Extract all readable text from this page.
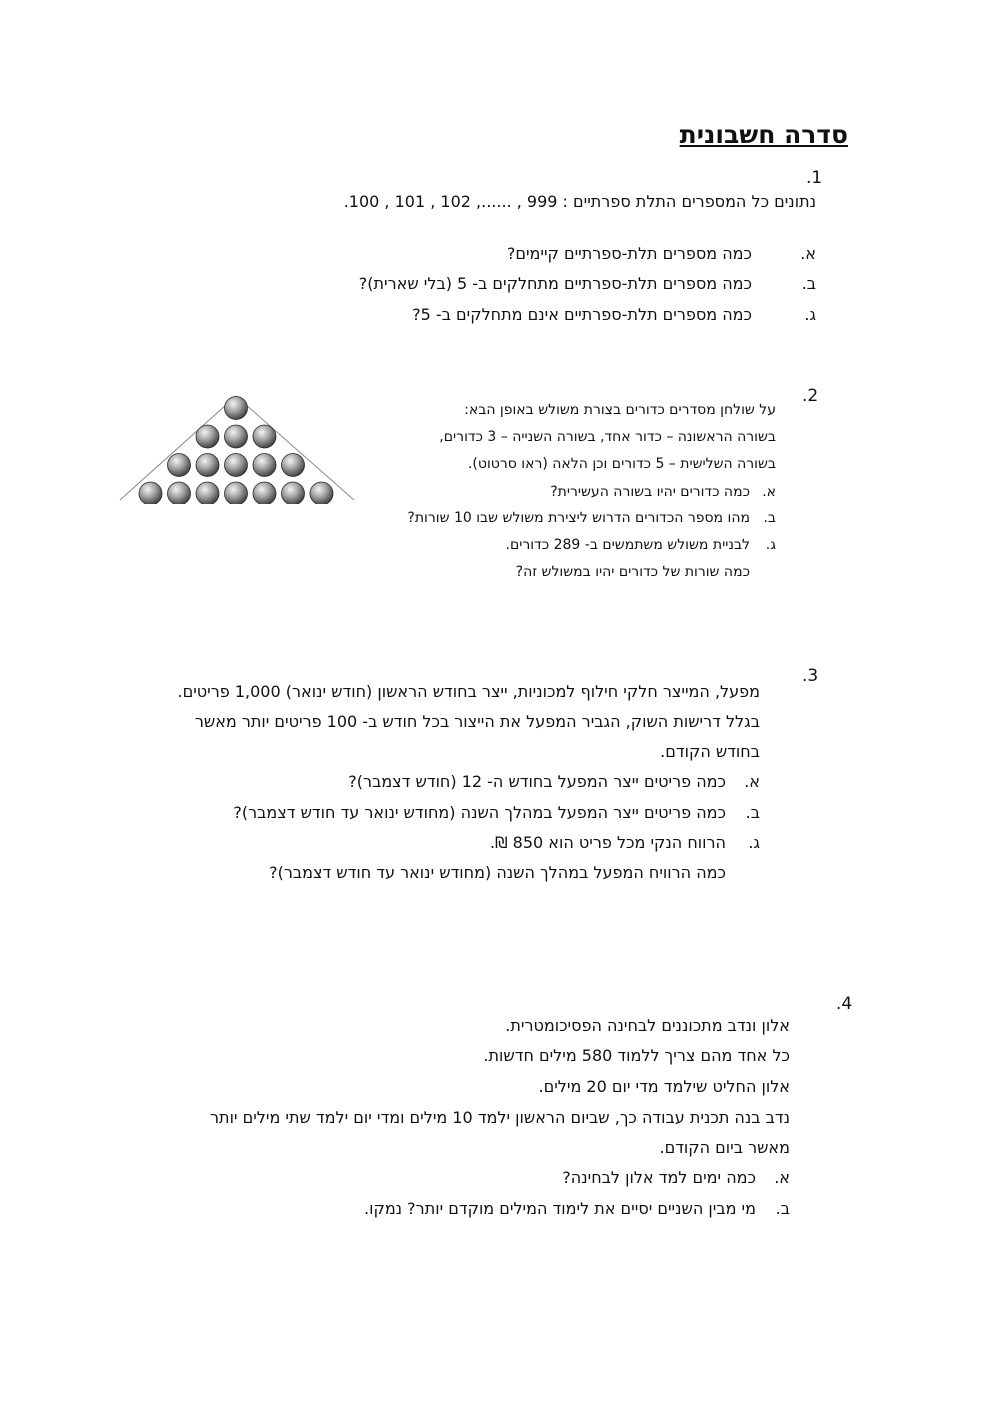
סדרה חשבונית
.1
נתונים כל המספרים התלת ספרתיים : 999 , ......, 102 , 101 , 100.
א.כמה מספרים תלת-ספרתיים קיימים?
ב.כמה מספרים תלת-ספרתיים מתחלקים ב- 5 (בלי שארית)?
ג.כמה מספרים תלת-ספרתיים אינם מתחלקים ב- 5?
.2
על שולחן מסדרים כדורים בצורת משולש באופן הבא:
בשורה הראשונה – כדור אחד, בשורה השנייה – 3 כדורים,
בשורה השלישית – 5 כדורים וכן הלאה (ראו סרטוט).
א.כמה כדורים יהיו בשורה העשירית?
ב.מהו מספר הכדורים הדרוש ליצירת משולש שבו 10 שורות?
ג.לבניית משולש משתמשים ב- 289 כדורים.
כמה שורות של כדורים יהיו במשולש זה?
.3
מפעל, המייצר חלקי חילוף למכוניות, ייצר בחודש הראשון (חודש ינואר) 1,000 פריטים.
בגלל דרישות השוק, הגביר המפעל את הייצור בכל חודש ב- 100 פריטים יותר מאשר
בחודש הקודם.
א.כמה פריטים ייצר המפעל בחודש ה- 12 (חודש דצמבר)?
ב.כמה פריטים ייצר המפעל במהלך השנה (מחודש ינואר עד חודש דצמבר)?
ג.הרווח הנקי מכל פריט הוא 850 ₪.
כמה הרוויח המפעל במהלך השנה (מחודש ינואר עד חודש דצמבר)?
.4
אלון ונדב מתכוננים לבחינה הפסיכומטרית.
כל אחד מהם צריך ללמוד 580 מילים חדשות.
אלון החליט שילמד מדי יום 20 מילים.
נדב בנה תכנית עבודה כך, שביום הראשון ילמד 10 מילים ומדי יום ילמד שתי מילים יותר
מאשר ביום הקודם.
א.כמה ימים למד אלון לבחינה?
ב.מי מבין השניים יסיים את לימוד המילים מוקדם יותר? נמקו.
